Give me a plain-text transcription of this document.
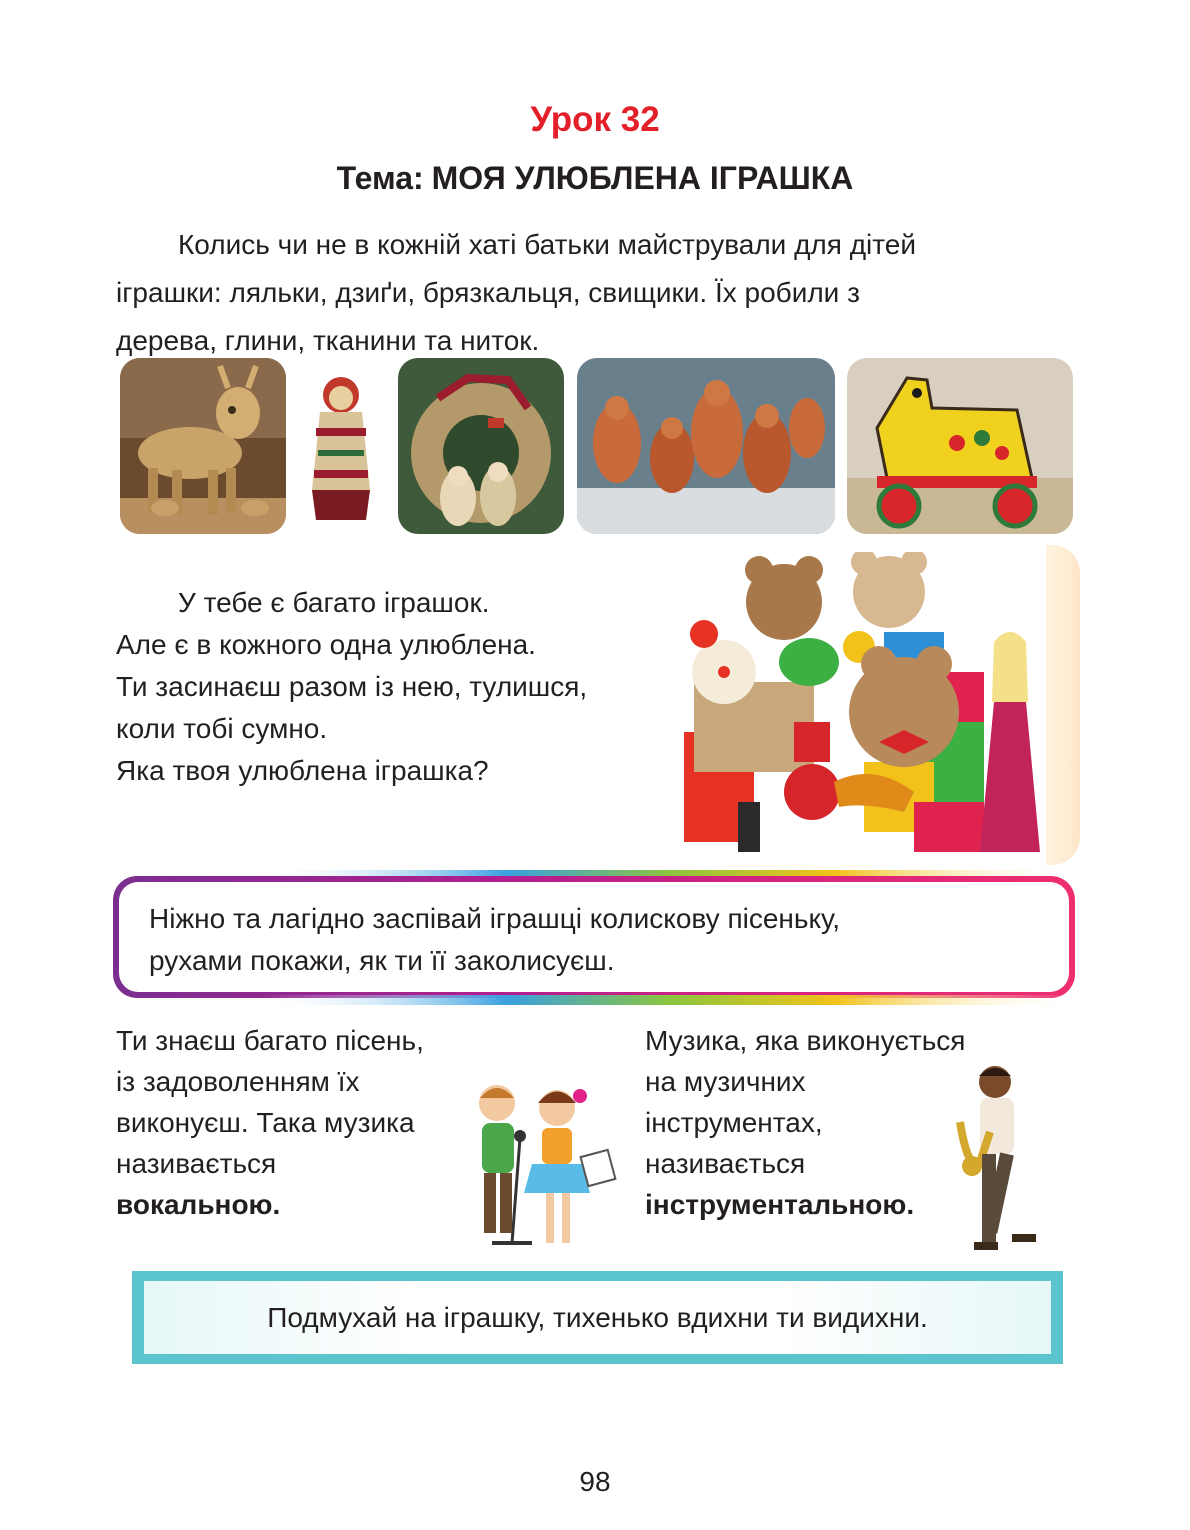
Урок 32
Тема: МОЯ УЛЮБЛЕНА ІГРАШКА

Колись чи не в кожній хаті батьки майстрували для дітей

іграшки: ляльки, дзиґи, брязкальця, свищики. Їх робили з

дерева, глини, тканини та ниток.

У тебе є багато іграшок.

Але є в кожного одна улюблена.

Ти засинаєш разом із нею, тулишся,

коли тобі сумно.

Яка твоя улюблена іграшка?

Ніжно та лагідно заспівай іграшці колискову пісеньку,

рухами покажи, як ти її заколисуєш.

Ти знаєш багато пісень,

із задоволенням їх

виконуєш. Така музика

називається

вокальною.

Музика, яка виконується

на музичних

інструментах,

називається

інструментальною.

Подмухай на іграшку, тихенько вдихни ти видихни.
98
